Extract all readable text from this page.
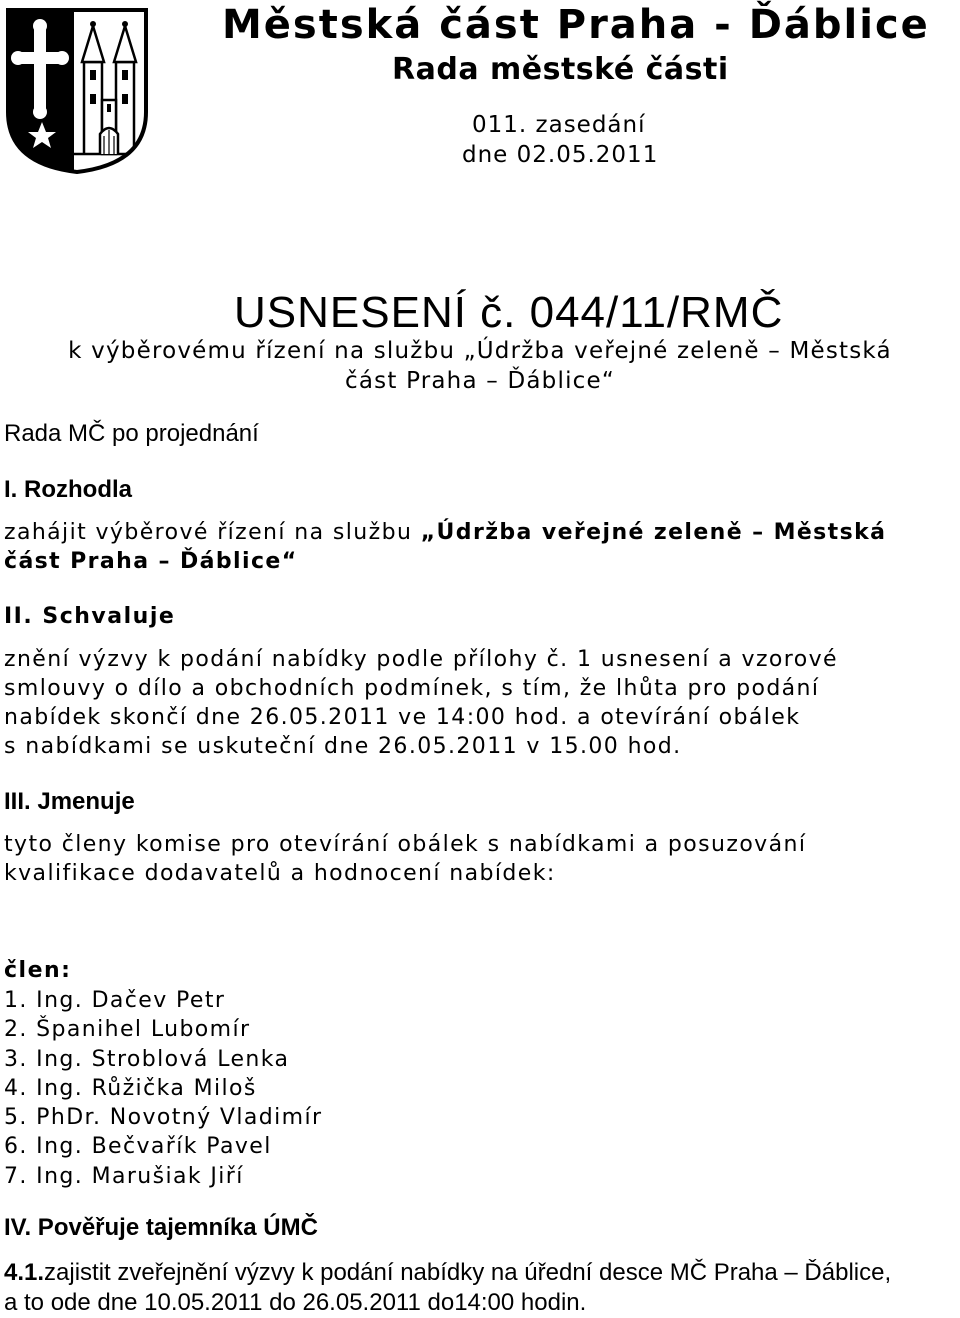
Městská část Praha - Ďáblice
Rada městské části
011. zasedání
dne 02.05.2011
USNESENÍ č. 044/11/RMČ
k výběrovému řízení na službu „Údržba veřejné zeleně – Městská
část Praha – Ďáblice“
Rada MČ po projednání
I. Rozhodla
zahájit výběrové řízení na službu „Údržba veřejné zeleně – Městská
část Praha – Ďáblice“
II. Schvaluje
znění výzvy k podání nabídky podle přílohy č. 1 usnesení a vzorové
smlouvy o dílo a obchodních podmínek, s tím, že lhůta pro podání
nabídek skončí dne 26.05.2011 ve 14:00 hod. a otevírání obálek
s nabídkami se uskuteční dne 26.05.2011 v 15.00 hod.
III. Jmenuje
tyto členy komise pro otevírání obálek s nabídkami a posuzování
kvalifikace dodavatelů a hodnocení nabídek:
člen:
1. Ing. Dačev Petr
2. Španihel Lubomír
3. Ing. Stroblová Lenka
4. Ing. Růžička Miloš
5. PhDr. Novotný Vladimír
6. Ing. Bečvařík Pavel
7. Ing. Marušiak Jiří
IV. Pověřuje tajemníka ÚMČ
4.1.zajistit zveřejnění výzvy k podání nabídky na úřední desce MČ Praha – Ďáblice,
a to ode dne 10.05.2011 do 26.05.2011 do14:00 hodin.
